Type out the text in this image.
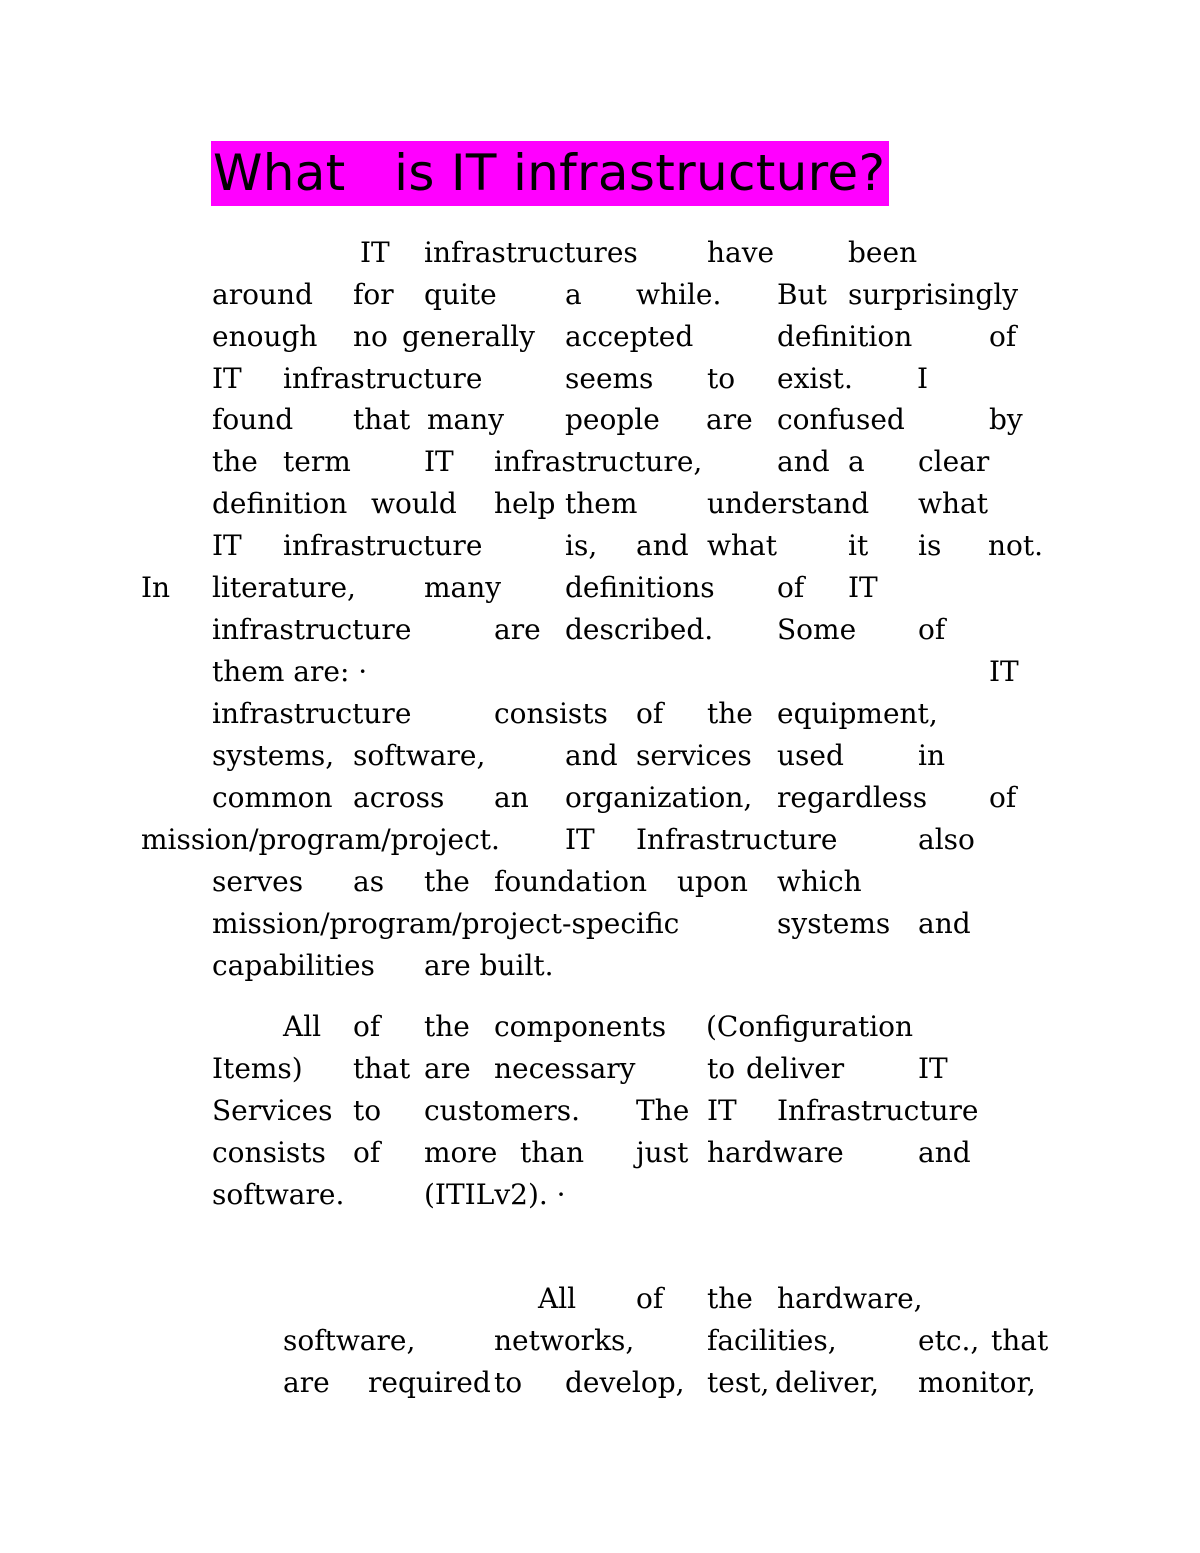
What   is IT infrastructure?
IT infrastructures have	been
around for quite a while. But surprisingly
enough no generally accepted	definition	of
IT infrastructure	seems to exist. I
found that many people are confused	by
the term	IT infrastructure,	and a clear
definition would help them understand what
IT infrastructure	is, and what	it is not.
In literature, many definitions of IT
infrastructure	are described. Some of
them are: ·	IT
infrastructure	consists of the equipment,
systems, software,	and services used	in
common across an organization, regardless of
mission/program/project. IT Infrastructure	also
serves as the foundation upon which
mission/program/project-specific	systems and
capabilities are built.
All of the components (Configuration
Items) that are necessary	to deliver	IT
Services to customers. The IT Infrastructure
consists of more than just hardware	and
software.	(ITILv2). ·
All of the hardware,
software,	networks,	facilities,	etc., that
are required to develop, test, deliver, monitor,
